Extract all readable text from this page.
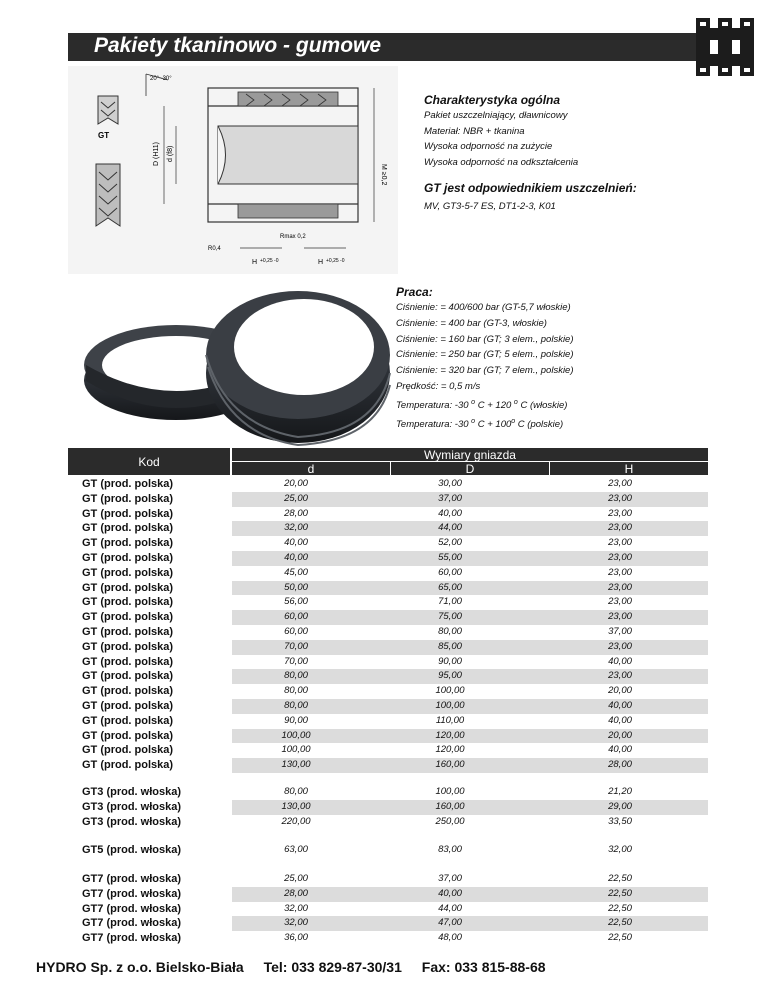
Pakiety tkaninowo - gumowe
GT
20°~30°
D (H11) d (f8)
M ≥0,2
Rmax 0,2
R0,4
H +0,25 -0	H +0,25 -0
Charakterystyka ogólna

Pakiet uszczelniający, dławnicowy

Materiał: NBR + tkanina

Wysoka odporność na zużycie

Wysoka odporność na odkształcenia

GT jest odpowiednikiem uszczelnień:

MV, GT3-5-7 ES, DT1-2-3, K01

Praca:

Ciśnienie: = 400/600 bar (GT-5,7 włoskie)

Ciśnienie: = 400 bar (GT-3, włoskie)

Ciśnienie: = 160 bar (GT; 3 elem., polskie)

Ciśnienie: = 250 bar (GT; 5 elem., polskie)

Ciśnienie: = 320 bar (GT; 7 elem., polskie)

Prędkość: = 0,5 m/s

Temperatura: -30 $^o$ C + 120 $^o$ C (włoskie)

Temperatura: -30 $^o$ $C + 100^o$ C (polskie)

Kod	Wymiary gniazda
d	D	H
GT (prod. polska)	20,00	30,00	23,00
GT (prod. polska)	25,00	37,00	23,00
GT (prod. polska)	28,00	40,00	23,00
GT (prod. polska)	32,00	44,00	23,00
GT (prod. polska)	40,00	52,00	23,00
GT (prod. polska)	40,00	55,00	23,00
GT (prod. polska)	45,00	60,00	23,00
GT (prod. polska)	50,00	65,00	23,00
GT (prod. polska)	56,00	71,00	23,00
GT (prod. polska)	60,00	75,00	23,00
GT (prod. polska)	60,00	80,00	37,00
GT (prod. polska)	70,00	85,00	23,00
GT (prod. polska)	70,00	90,00	40,00
GT (prod. polska)	80,00	95,00	23,00
GT (prod. polska)	80,00	100,00	20,00
GT (prod. polska)	80,00	100,00	40,00
GT (prod. polska)	90,00	110,00	40,00
GT (prod. polska)	100,00	120,00	20,00
GT (prod. polska)	100,00	120,00	40,00
GT (prod. polska)	130,00	160,00	28,00
GT3 (prod. włoska)	80,00	100,00	21,20
GT3 (prod. włoska)	130,00	160,00	29,00
GT3 (prod. włoska)	220,00	250,00	33,50
GT5 (prod. włoska)	63,00	83,00	32,00
GT7 (prod. włoska)	25,00	37,00	22,50
GT7 (prod. włoska)	28,00	40,00	22,50
GT7 (prod. włoska)	32,00	44,00	22,50
GT7 (prod. włoska)	32,00	47,00	22,50
GT7 (prod. włoska)	36,00	48,00	22,50
HYDRO Sp. z o.o. Bielsko-Biała Tel: 033 829-87-30/31 Fax: 033 815-88-68
